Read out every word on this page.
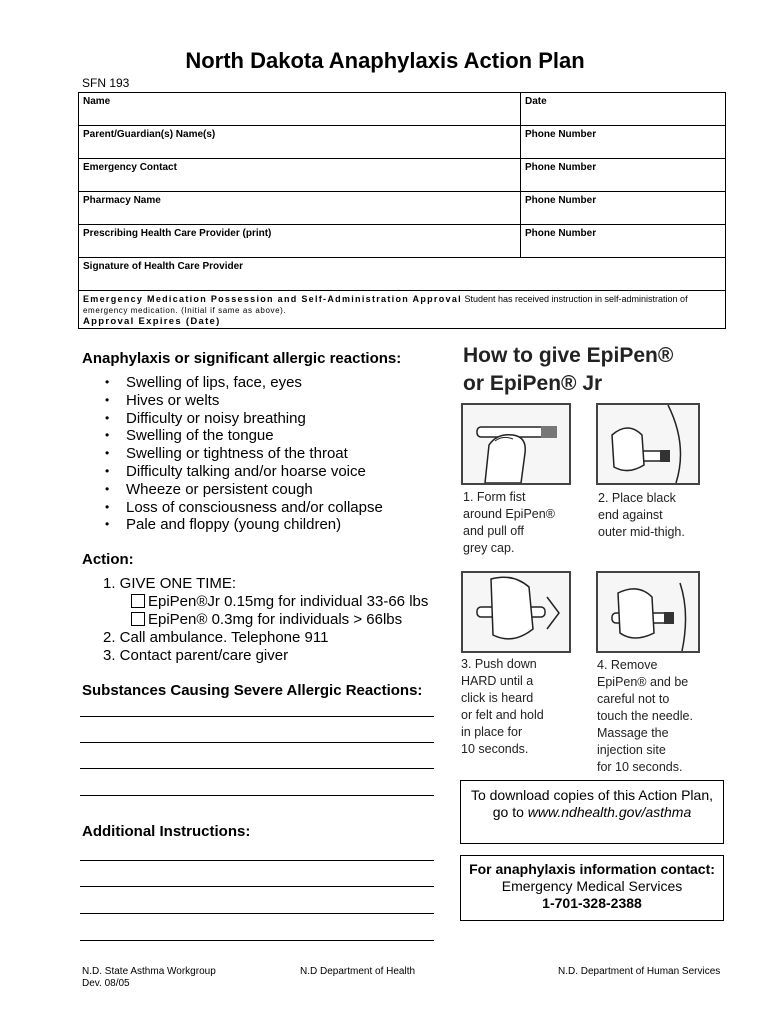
North Dakota Anaphylaxis Action Plan
SFN 193
Name	Date
Parent/Guardian(s) Name(s)	Phone Number
Emergency Contact	Phone Number
Pharmacy Name	Phone Number
Prescribing Health Care Provider (print)	Phone Number
Signature of Health Care Provider	
Emergency Medication Possession and Self-Administration Approval Student has received instruction in self-administration of
emergency medication. (Initial if same as above).
Approval Expires (Date)	
Anaphylaxis or significant allergic reactions:
• Swelling of lips, face, eyes
• Hives or welts
• Difficulty or noisy breathing
• Swelling of the tongue
• Swelling or tightness of the throat
• Difficulty talking and/or hoarse voice
• Wheeze or persistent cough
• Loss of consciousness and/or collapse
• Pale and floppy (young children)
Action:
1. GIVE ONE TIME:
EpiPen®Jr 0.15mg for individual 33-66 lbs
EpiPen® 0.3mg for individuals > 66lbs
2. Call ambulance. Telephone 911
3. Contact parent/care giver
Substances Causing Severe Allergic Reactions:
Additional Instructions:
How to give EpiPen®
or EpiPen® Jr
1. Form fist
around EpiPen®
and pull off
grey cap.
2. Place black
end against
outer mid-thigh.
3. Push down
HARD until a
click is heard
or felt and hold
in place for
10 seconds.
4. Remove
EpiPen® and be
careful not to
touch the needle.
Massage the
injection site
for 10 seconds.
To download copies of this Action Plan,
go to www.ndhealth.gov/asthma
For anaphylaxis information contact:
Emergency Medical Services
1-701-328-2388
N.D. State Asthma Workgroup
Dev. 08/05
N.D Department of Health	N.D. Department of Human Services
